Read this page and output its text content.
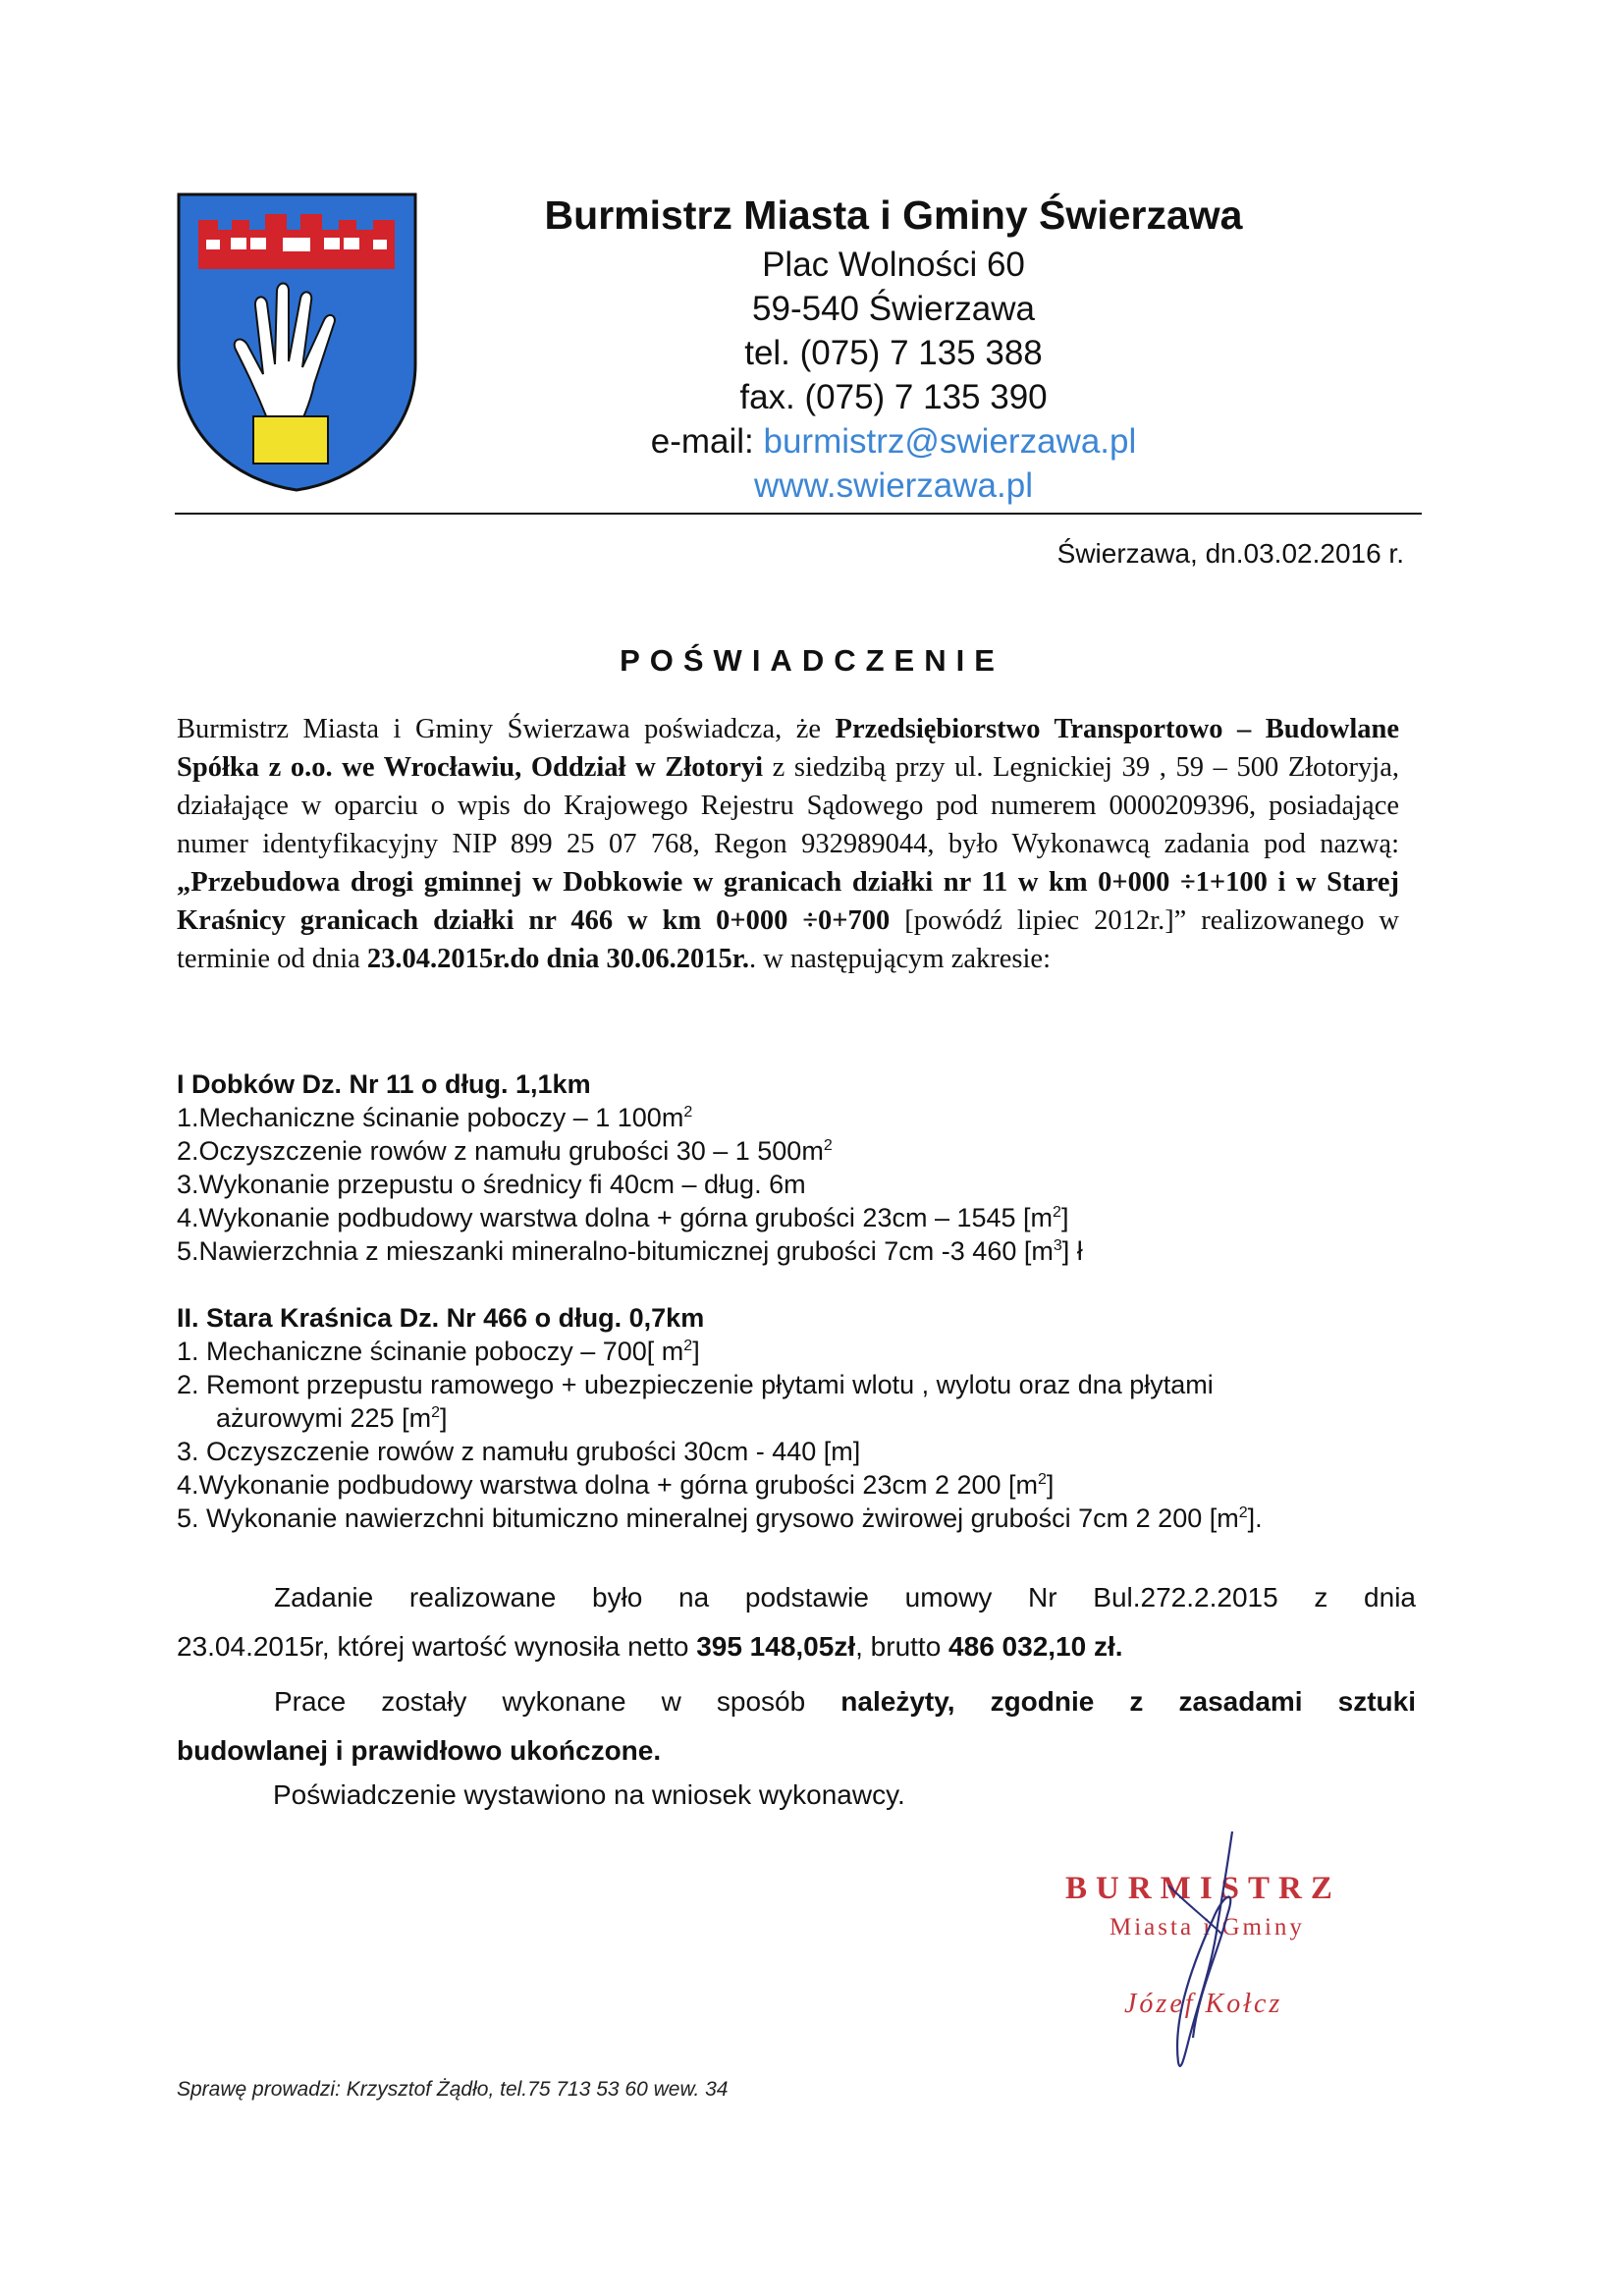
Burmistrz Miasta i Gminy Świerzawa
Plac Wolności 60
59-540 Świerzawa
tel. (075) 7 135 388
fax. (075) 7 135 390
e-mail: burmistrz@swierzawa.pl
www.swierzawa.pl
Świerzawa, dn.03.02.2016 r.
POŚWIADCZENIE
Burmistrz Miasta i Gminy Świerzawa poświadcza, że Przedsiębiorstwo Transportowo – Budowlane Spółka z o.o. we Wrocławiu, Oddział w Złotoryi z siedzibą przy ul. Legnickiej 39 , 59 – 500 Złotoryja, działające w oparciu o wpis do Krajowego Rejestru Sądowego pod numerem 0000209396, posiadające numer identyfikacyjny NIP 899 25 07 768, Regon 932989044, było Wykonawcą zadania pod nazwą: „Przebudowa drogi gminnej w Dobkowie w granicach działki nr 11 w km 0+000 ÷1+100 i w Starej Kraśnicy granicach działki nr 466 w km 0+000 ÷0+700 [powódź lipiec 2012r.]” realizowanego w terminie od dnia 23.04.2015r.do dnia 30.06.2015r.. w następującym zakresie:
I Dobków Dz. Nr 11 o dług. 1,1km
1.Mechaniczne ścinanie poboczy – 1 $100m^2$
2.Oczyszczenie rowów z namułu grubości 30 – 1 $500m^2$
3.Wykonanie przepustu o średnicy fi 40cm – dług. 6m
4.Wykonanie podbudowy warstwa dolna + górna grubości 23cm – 1545 $[m^2]$
5.Nawierzchnia z mieszanki mineralno-bitumicznej grubości 7cm -3 460 $[m^3]$ ł
II. Stara Kraśnica Dz. Nr 466 o dług. 0,7km
1. Mechaniczne ścinanie poboczy – 700[ $m^2$]
2. Remont przepustu ramowego + ubezpieczenie płytami wlotu , wylotu oraz dna płytami
ażurowymi 225 $[m^2]$
3. Oczyszczenie rowów z namułu grubości 30cm - 440 [m]
4.Wykonanie podbudowy warstwa dolna + górna grubości 23cm 2 200 $[m^2]$
5. Wykonanie nawierzchni bitumiczno mineralnej grysowo żwirowej grubości 7cm 2 200 $[m^2]$.
Zadanie realizowane było na podstawie umowy Nr Bul.272.2.2015 z dnia
23.04.2015r, której wartość wynosiła netto 395 148,05zł, brutto 486 032,10 zł.
Prace zostały wykonane w sposób należyty, zgodnie z zasadami sztuki
budowlanej i prawidłowo ukończone.
Poświadczenie wystawiono na wniosek wykonawcy.
BURMISTRZ
Miasta i Gminy
Józef Kołcz
Sprawę prowadzi: Krzysztof Żądło, tel.75 713 53 60 wew. 34
